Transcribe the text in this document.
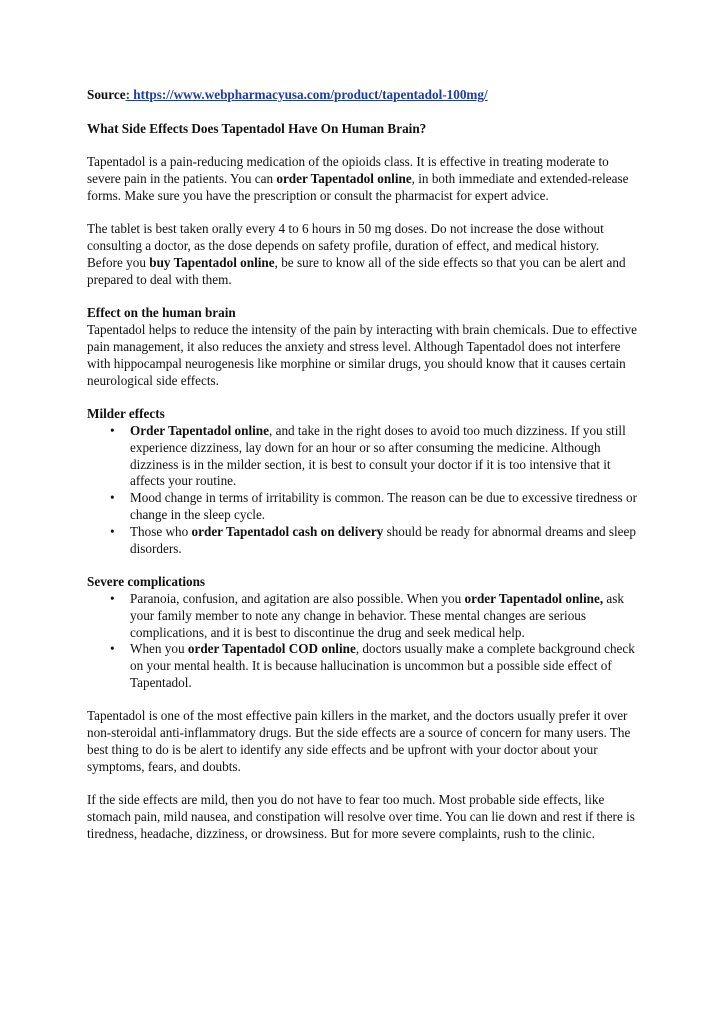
Source: https://www.webpharmacyusa.com/product/tapentadol-100mg/

What Side Effects Does Tapentadol Have On Human Brain?

Tapentadol is a pain-reducing medication of the opioids class. It is effective in treating moderate to severe pain in the patients. You can order Tapentadol online, in both immediate and extended-release forms. Make sure you have the prescription or consult the pharmacist for expert advice.

The tablet is best taken orally every 4 to 6 hours in 50 mg doses. Do not increase the dose without consulting a doctor, as the dose depends on safety profile, duration of effect, and medical history. Before you buy Tapentadol online, be sure to know all of the side effects so that you can be alert and prepared to deal with them.

Effect on the human brain
Tapentadol helps to reduce the intensity of the pain by interacting with brain chemicals. Due to effective pain management, it also reduces the anxiety and stress level. Although Tapentadol does not interfere with hippocampal neurogenesis like morphine or similar drugs, you should know that it causes certain neurological side effects.

Milder effects
• Order Tapentadol online, and take in the right doses to avoid too much dizziness. If you still experience dizziness, lay down for an hour or so after consuming the medicine. Although dizziness is in the milder section, it is best to consult your doctor if it is too intensive that it affects your routine.
• Mood change in terms of irritability is common. The reason can be due to excessive tiredness or change in the sleep cycle.
• Those who order Tapentadol cash on delivery should be ready for abnormal dreams and sleep disorders.
Severe complications
• Paranoia, confusion, and agitation are also possible. When you order Tapentadol online, ask your family member to note any change in behavior. These mental changes are serious complications, and it is best to discontinue the drug and seek medical help.
• When you order Tapentadol COD online, doctors usually make a complete background check on your mental health. It is because hallucination is uncommon but a possible side effect of Tapentadol.

Tapentadol is one of the most effective pain killers in the market, and the doctors usually prefer it over non-steroidal anti-inflammatory drugs. But the side effects are a source of concern for many users. The best thing to do is be alert to identify any side effects and be upfront with your doctor about your symptoms, fears, and doubts.

If the side effects are mild, then you do not have to fear too much. Most probable side effects, like stomach pain, mild nausea, and constipation will resolve over time. You can lie down and rest if there is tiredness, headache, dizziness, or drowsiness. But for more severe complaints, rush to the clinic.
